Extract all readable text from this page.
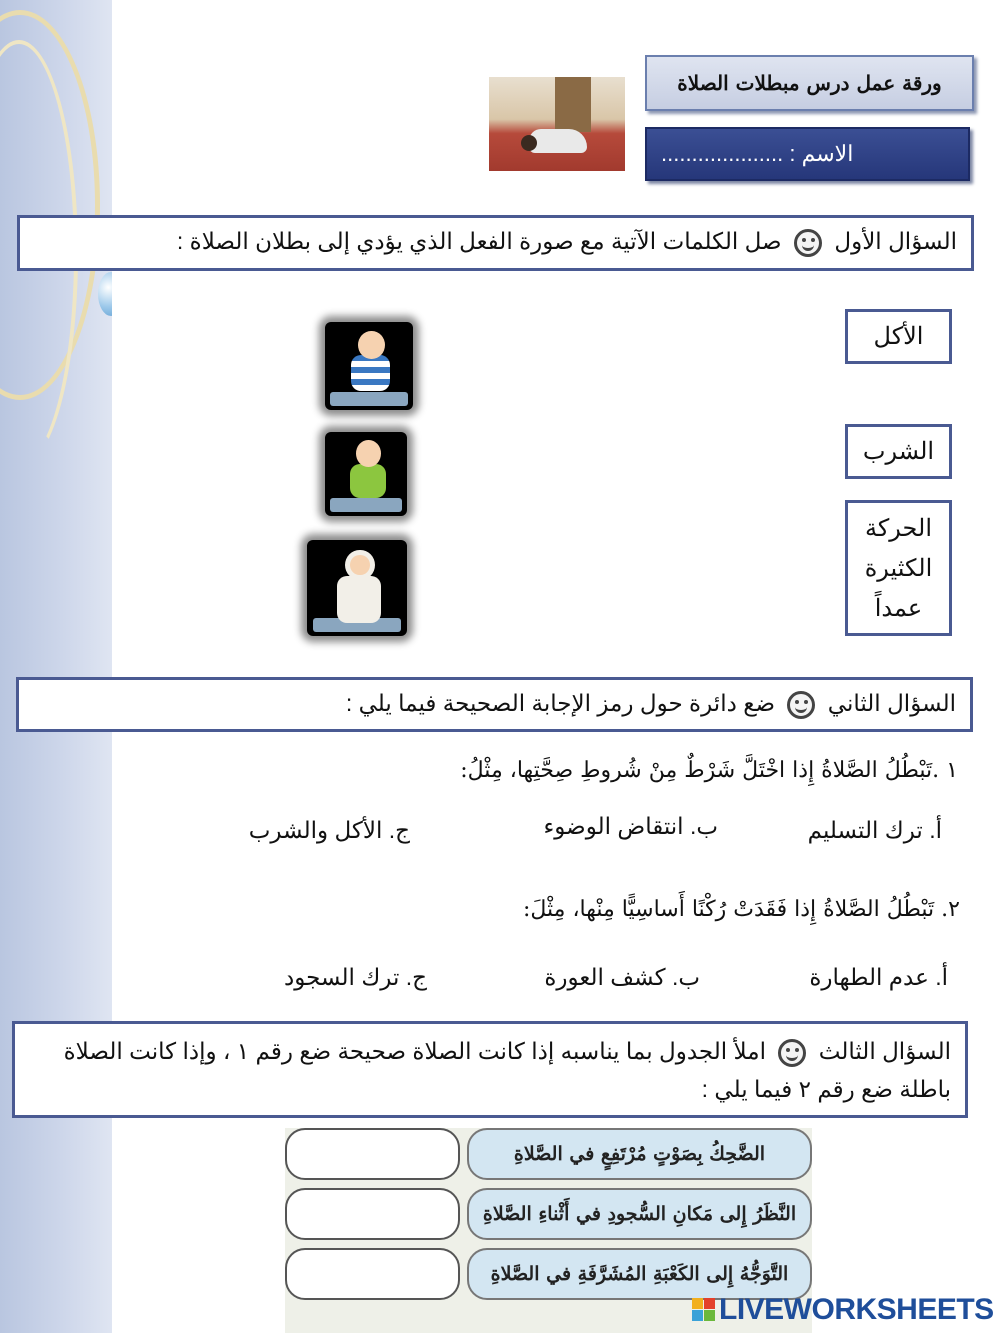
ورقة عمل درس مبطلات الصلاة
الاسم : ....................
السؤال الأول  صل الكلمات الآتية مع صورة الفعل الذي يؤدي إلى بطلان الصلاة :
الأكل
الشرب
الحركة الكثيرة عمداً
السؤال الثاني  ضع دائرة حول رمز الإجابة الصحيحة فيما يلي :
١ .تَبْطُلُ الصَّلاةُ إِذا اخْتَلَّ شَرْطٌ مِنْ شُروطِ صِحَّتِها، مِثْلُ:
أ. ترك التسليم
ب. انتقاض الوضوء
ج. الأكل والشرب
٢. تَبْطُلُ الصَّلاةُ إِذا فَقَدَتْ رُكْنًا أَساسِيًّا مِنْها، مِثْلَ:
أ. عدم الطهارة
ب. كشف العورة
ج. ترك السجود
السؤال الثالث  املأ الجدول بما يناسبه إذا كانت الصلاة صحيحة ضع رقم ١ ، وإذا كانت الصلاة باطلة ضع رقم ٢ فيما يلي :
الضَّحِكُ بِصَوْتٍ مُرْتَفِعٍ في الصَّلاةِ
النَّظَرُ إِلى مَكانِ السُّجودِ في أَثْناءِ الصَّلاةِ
التَّوَجُّهُ إِلى الكَعْبَةِ المُشَرَّفَةِ في الصَّلاةِ
LIVEWORKSHEETS
